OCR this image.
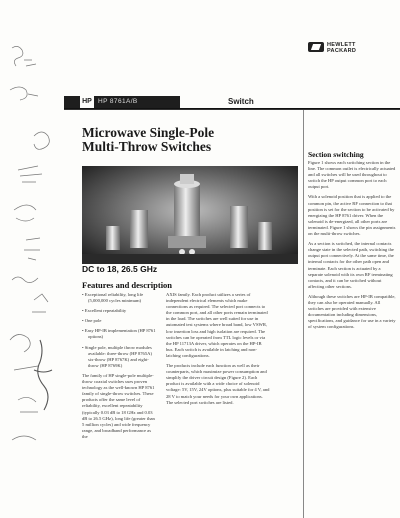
HEWLETT
PACKARD
HP HP 8761A/B	Switch
Microwave Single-Pole
Multi-Throw Switches
DC to 18, 26.5 GHz
Features and description

• Exceptional reliability, long life (5,000,000 cycles minimum)

• Excellent repeatability

• One pole

• Easy HP-IB implementation (HP 8761 options)

• Single pole, multiple throw modules available: three-throw (HP 8765A) six-throw (HP 8767K) and eight-throw (HP 8769K)

The family of HP single-pole multiple-throw coaxial switches uses proven technology as the well-known HP 8761 family of single-throw switches. These products offer the same level of reliability, excellent repeatability (typically 0.03 dB to 18 GHz and 0.03 dB to 26.5 GHz), long life (greater than 5 million cycles) and wide frequency range, and broadband performance as the

AXIS family. Each product utilizes a series of independent electrical elements which make connections as required. The selected port connects to the common port, and all other ports remain terminated in the load. The switches are well suited for use in automated test systems where broad band, low VSWR, low insertion loss and high isolation are required. The switches can be operated from TTL logic levels or via the HP 11713A driver, which operates on the HP-IB bus. Each switch is available in latching and non-latching configurations.

The products include each function as well as their counterparts, which maximize power consumption and simplify the driver circuit design (Figure 2). Each product is available with a wide choice of solenoid voltage: 5V, 15V, 24V options, plus suitable for 4 V, and 28 V to match your needs for your own applications. The selected port switches are listed.

Section switching

Figure 1 shows each switching section in the line. The common outlet is electrically actuated and all switches will be used throughout to switch the HP output common port to each output port.

With a solenoid position that is applied to the common pin, the active RF connection to that position is set for the section to be activated by energizing the HP 8761 driver. When the solenoid is de-energized, all other ports are terminated. Figure 1 shows the pin assignments on the multi-throw switches.

As a section is switched, the internal contacts change state in the selected path, switching the output port connectively. At the same time, the internal contacts for the other path open and terminate. Each section is actuated by a separate solenoid with its own RF terminating contacts, and it can be switched without affecting other sections.

Although these switches are HP-IB compatible, they can also be operated manually. All switches are provided with extensive documentation including dimensions, specifications, and guidance for use in a variety of system configurations.
